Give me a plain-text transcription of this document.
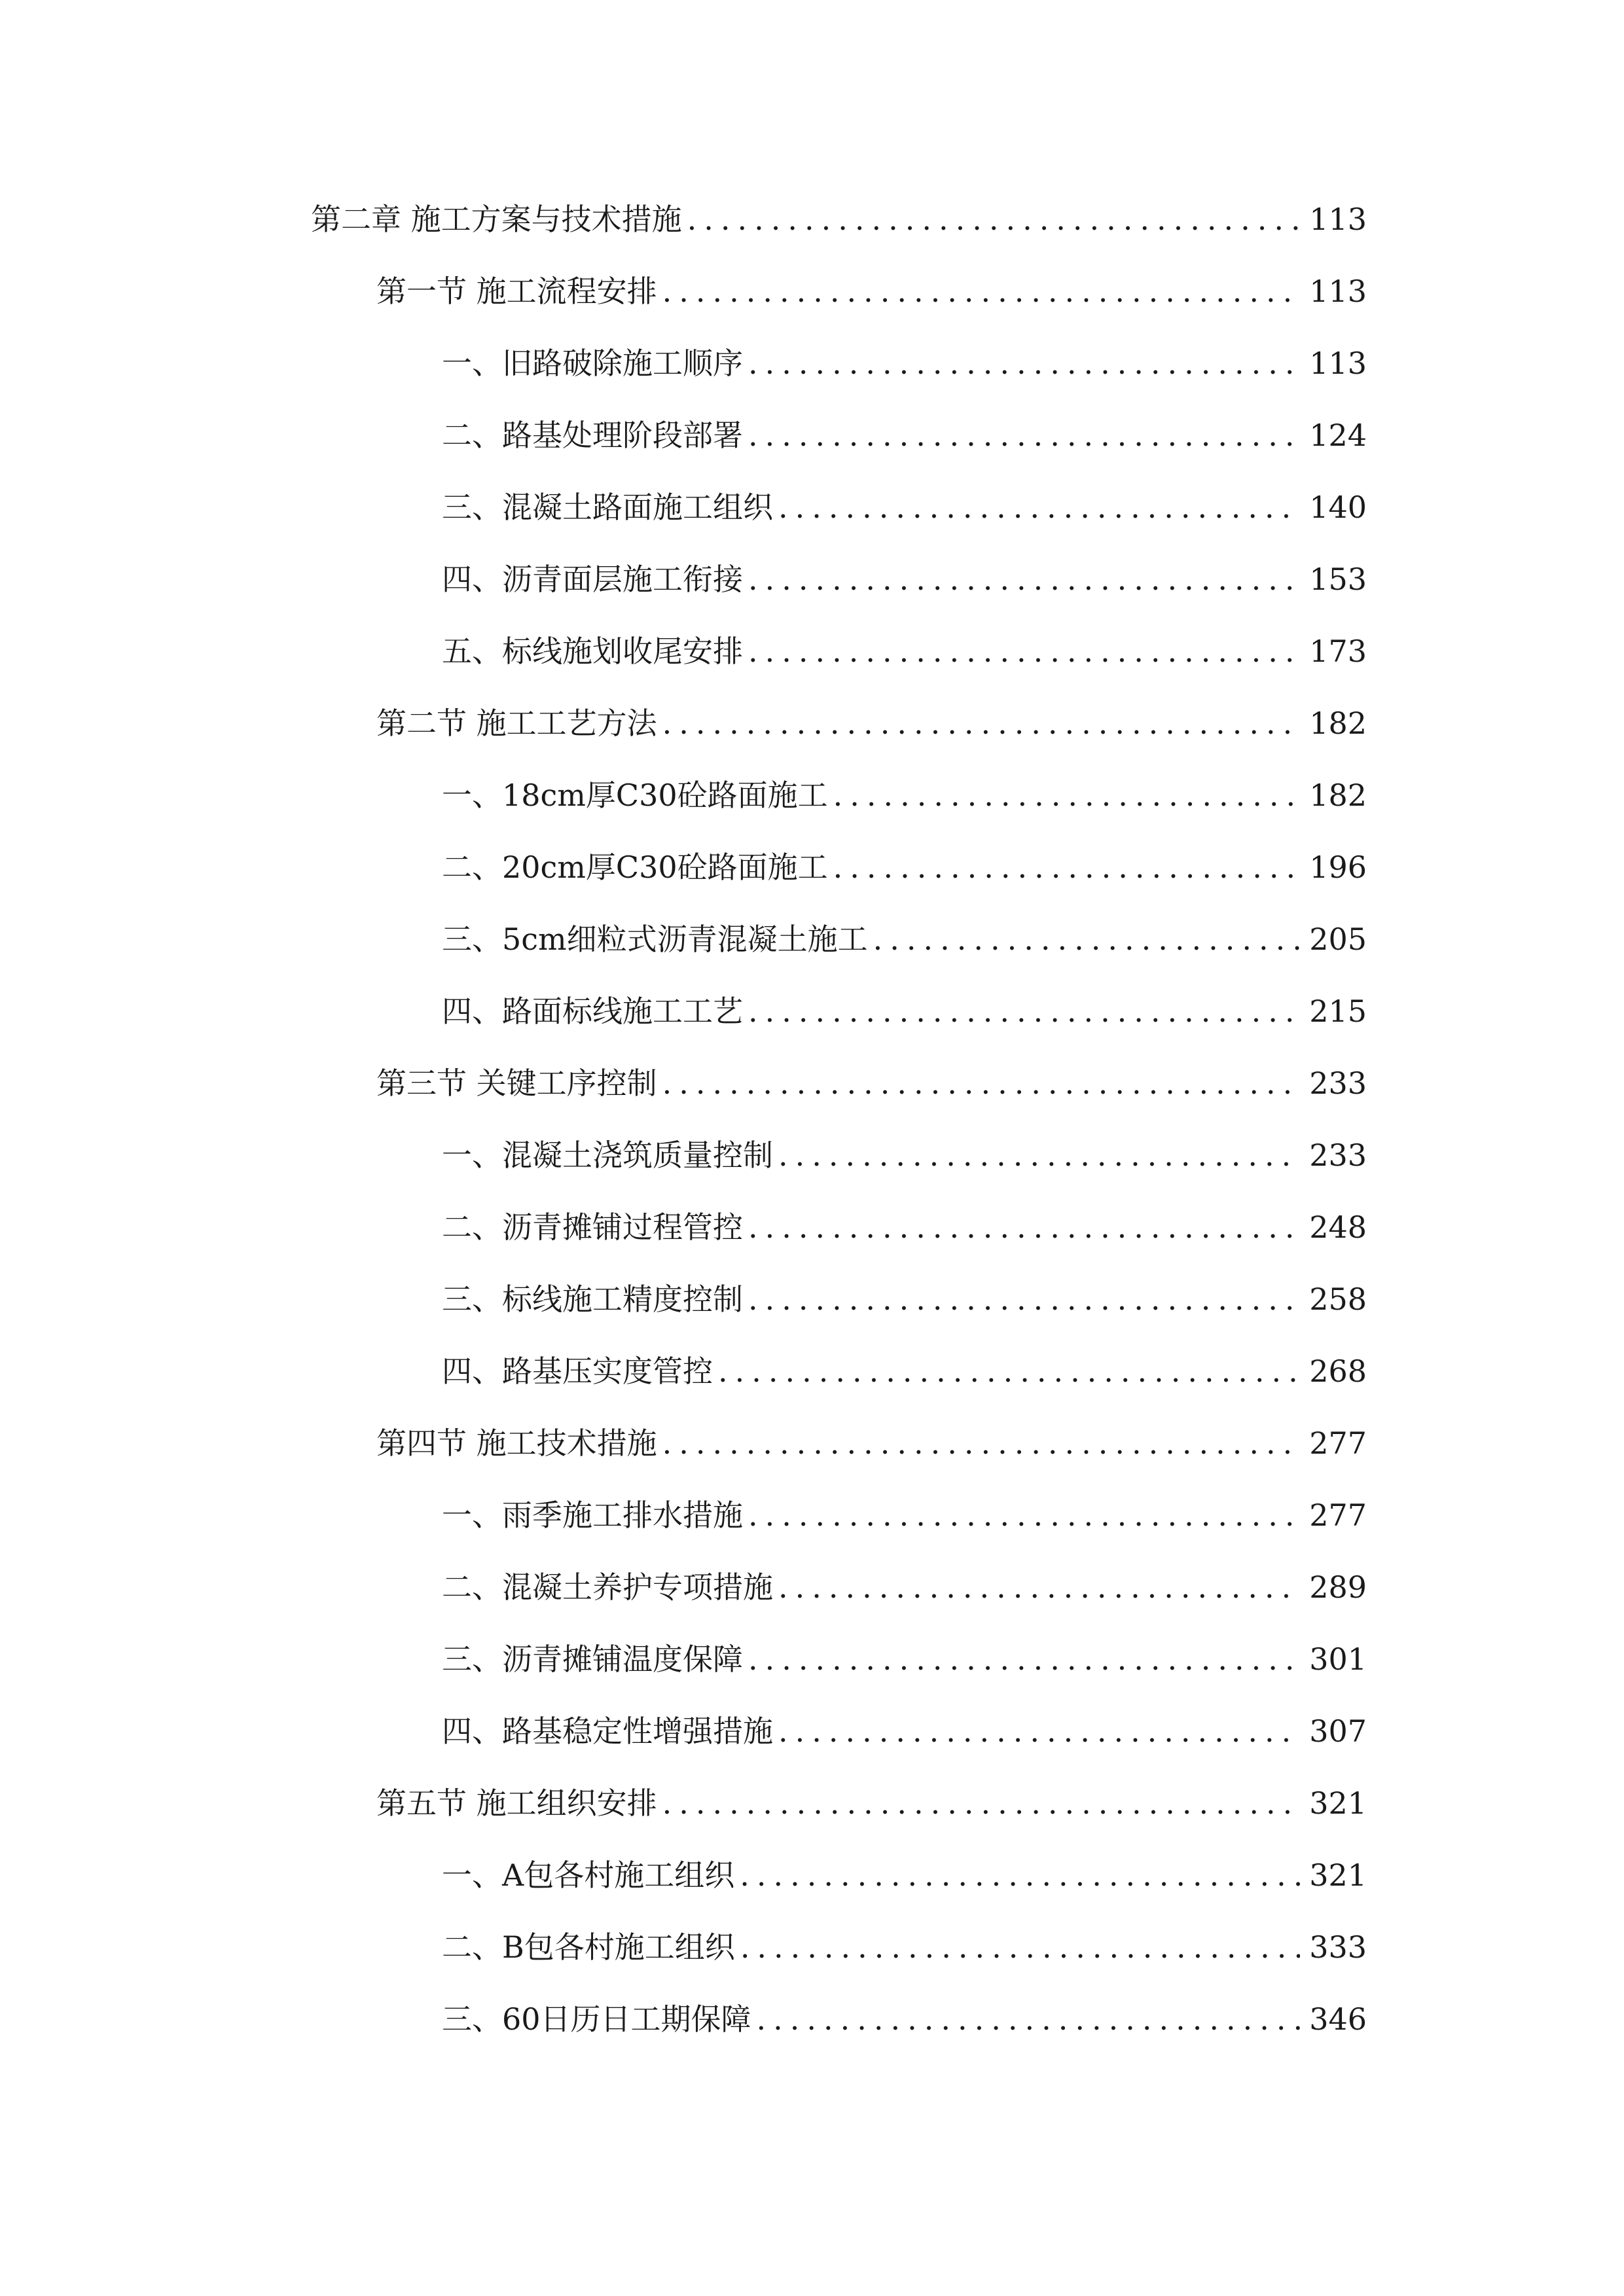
第二章 施工方案与技术措施 .....	113
第一节 施工流程安排 .....	113
一、 旧路破除施工顺序 .....	113
二、 路基处理阶段部署 .....	124
三、 混凝土路面施工组织 .....	140
四、 沥青面层施工衔接 .....	153
五、 标线施划收尾安排 .....	173
第二节 施工工艺方法 .....	182
一、 18cm厚C30砼路面施工 .....	182
二、 20cm厚C30砼路面施工 .....	196
三、 5cm细粒式沥青混凝土施工 .....	205
四、 路面标线施工工艺 .....	215
第三节 关键工序控制 .....	233
一、 混凝土浇筑质量控制 .....	233
二、 沥青摊铺过程管控 .....	248
三、 标线施工精度控制 .....	258
四、 路基压实度管控 .....	268
第四节 施工技术措施 .....	277
一、 雨季施工排水措施 .....	277
二、 混凝土养护专项措施 .....	289
三、 沥青摊铺温度保障 .....	301
四、 路基稳定性增强措施 .....	307
第五节 施工组织安排 .....	321
一、 A包各村施工组织 .....	321
二、 B包各村施工组织 .....	333
三、 60日历日工期保障 .....	346
